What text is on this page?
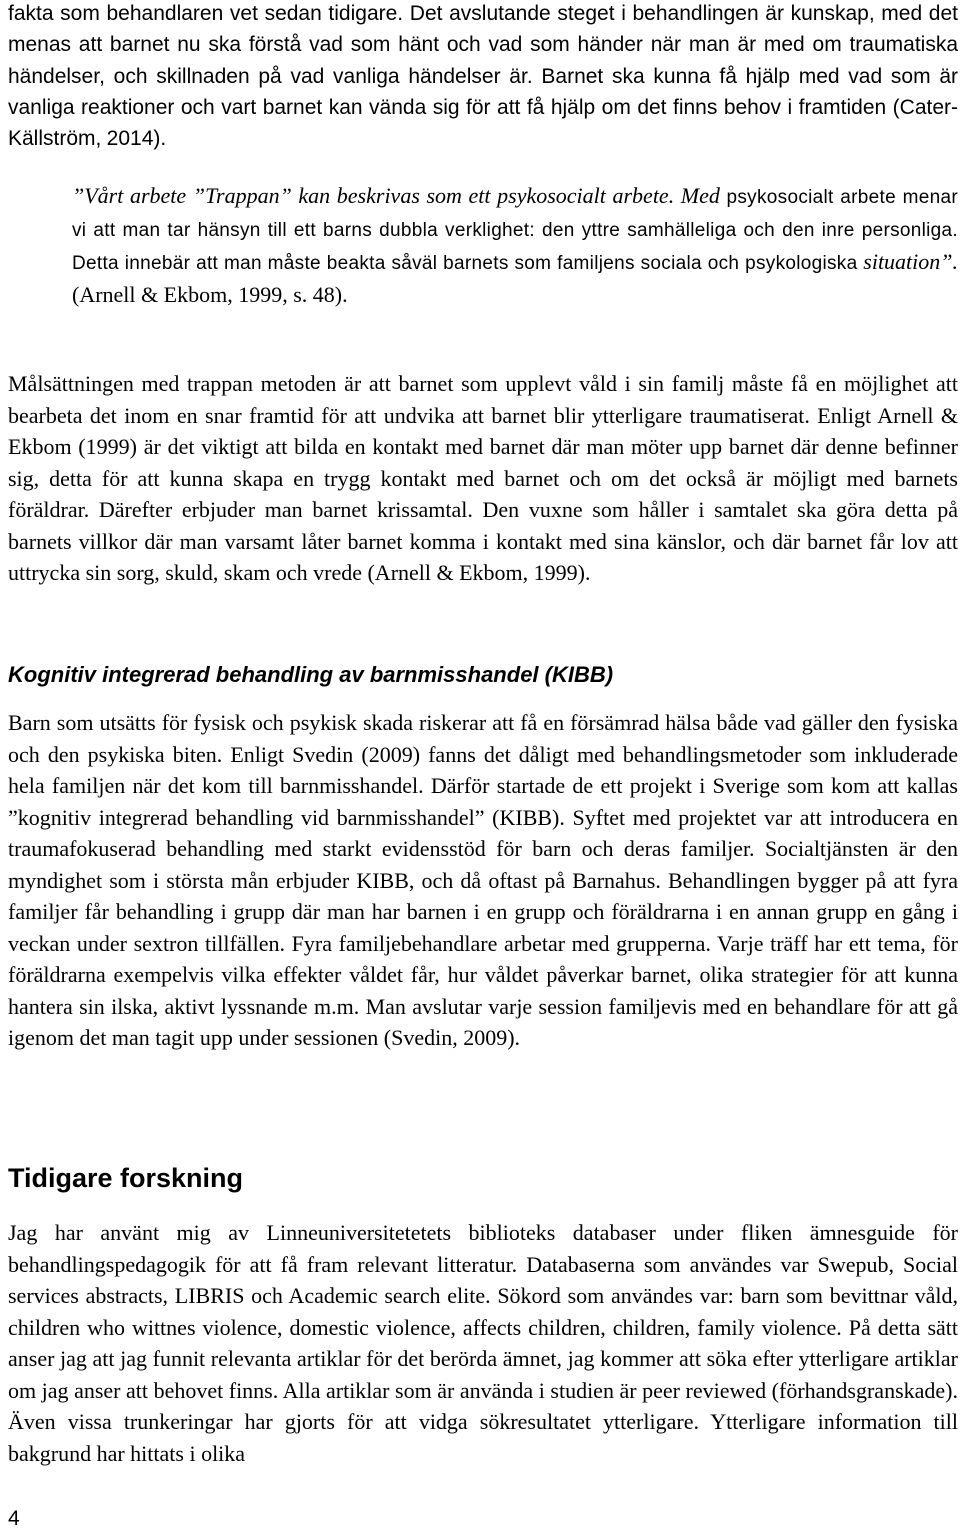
fakta som behandlaren vet sedan tidigare. Det avslutande steget i behandlingen är kunskap, med det menas att barnet nu ska förstå vad som hänt och vad som händer när man är med om traumatiska händelser, och skillnaden på vad vanliga händelser är. Barnet ska kunna få hjälp med vad som är vanliga reaktioner och vart barnet kan vända sig för att få hjälp om det finns behov i framtiden (Cater-Källström, 2014).

”Vårt arbete ”Trappan” kan beskrivas som ett psykosocialt arbete. Med psykosocialt arbete menar vi att man tar hänsyn till ett barns dubbla verklighet: den yttre samhälleliga och den inre personliga. Detta innebär att man måste beakta såväl barnets som familjens sociala och psykologiska situation”.(Arnell & Ekbom, 1999, s. 48).

Målsättningen med trappan metoden är att barnet som upplevt våld i sin familj måste få en möjlighet att bearbeta det inom en snar framtid för att undvika att barnet blir ytterligare traumatiserat. Enligt Arnell & Ekbom (1999) är det viktigt att bilda en kontakt med barnet där man möter upp barnet där denne befinner sig, detta för att kunna skapa en trygg kontakt med barnet och om det också är möjligt med barnets föräldrar. Därefter erbjuder man barnet krissamtal. Den vuxne som håller i samtalet ska göra detta på barnets villkor där man varsamt låter barnet komma i kontakt med sina känslor, och där barnet får lov att uttrycka sin sorg, skuld, skam och vrede (Arnell & Ekbom, 1999).

Kognitiv integrerad behandling av barnmisshandel (KIBB)

Barn som utsätts för fysisk och psykisk skada riskerar att få en försämrad hälsa både vad gäller den fysiska och den psykiska biten. Enligt Svedin (2009) fanns det dåligt med behandlingsmetoder som inkluderade hela familjen när det kom till barnmisshandel. Därför startade de ett projekt i Sverige som kom att kallas ”kognitiv integrerad behandling vid barnmisshandel” (KIBB). Syftet med projektet var att introducera en traumafokuserad behandling med starkt evidensstöd för barn och deras familjer. Socialtjänsten är den myndighet som i största mån erbjuder KIBB, och då oftast på Barnahus. Behandlingen bygger på att fyra familjer får behandling i grupp där man har barnen i en grupp och föräldrarna i en annan grupp en gång i veckan under sextron tillfällen. Fyra familjebehandlare arbetar med grupperna. Varje träff har ett tema, för föräldrarna exempelvis vilka effekter våldet får, hur våldet påverkar barnet, olika strategier för att kunna hantera sin ilska, aktivt lyssnande m.m. Man avslutar varje session familjevis med en behandlare för att gå igenom det man tagit upp under sessionen (Svedin, 2009).

Tidigare forskning

Jag har använt mig av Linneuniversitetetets biblioteks databaser under fliken ämnesguide för behandlingspedagogik för att få fram relevant litteratur. Databaserna som användes var Swepub, Social services abstracts, LIBRIS och Academic search elite. Sökord som användes var: barn som bevittnar våld, children who wittnes violence, domestic violence, affects children, children, family violence. På detta sätt anser jag att jag funnit relevanta artiklar för det berörda ämnet, jag kommer att söka efter ytterligare artiklar om jag anser att behovet finns. Alla artiklar som är använda i studien är peer reviewed (förhandsgranskade). Även vissa trunkeringar har gjorts för att vidga sökresultatet ytterligare. Ytterligare information till bakgrund har hittats i olika

4
